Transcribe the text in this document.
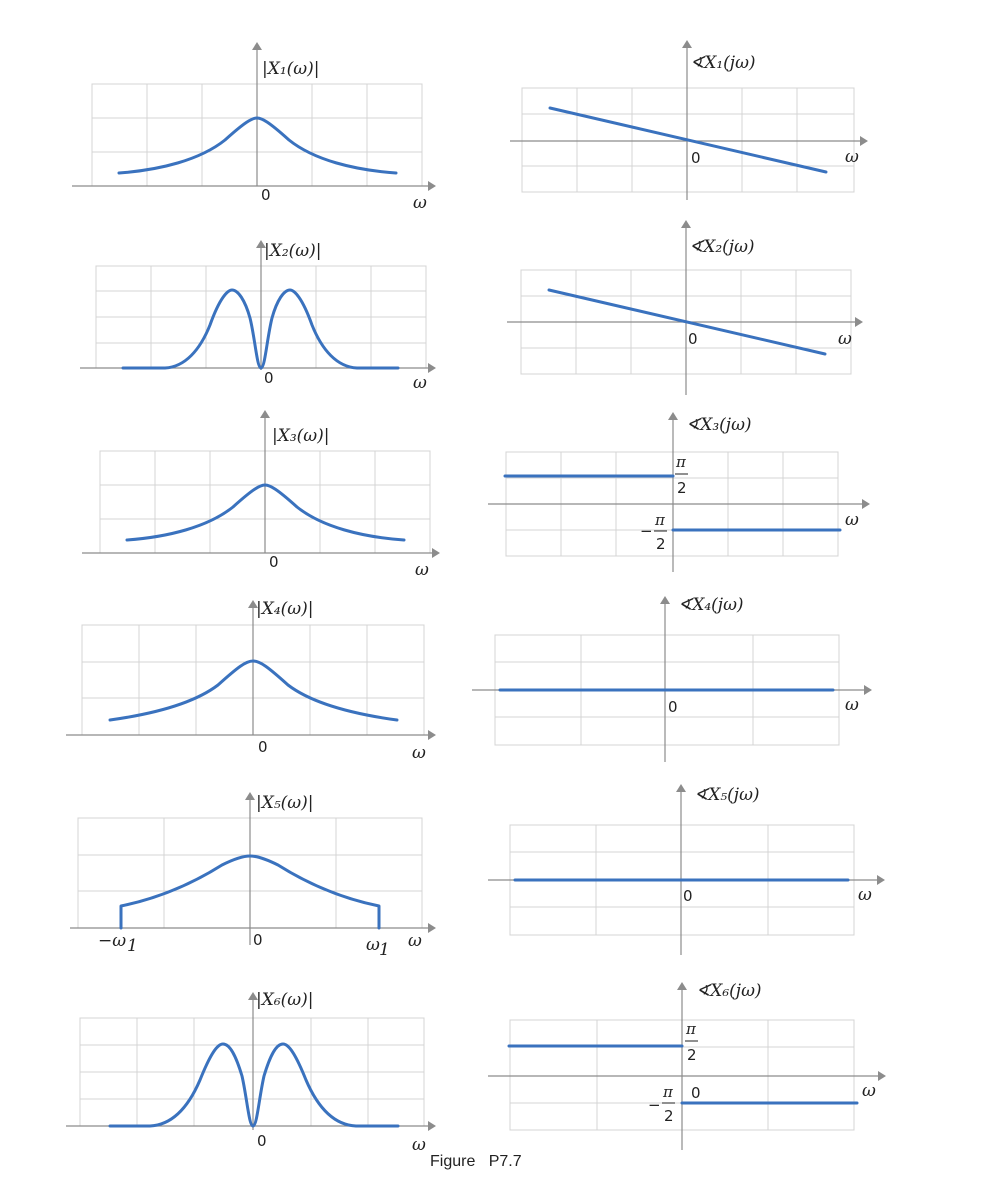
|X₁(ω)|
0	ω
∢X₁(jω)
0	ω
|X₂(ω)|
0	ω
∢X₂(jω)
0	ω
|X₃(ω)|
0	ω
∢X₃(jω)
π
2
−
π
2
ω
|X₄(ω)|
0	ω
∢X₄(jω)
0	ω
|X₅(ω)|
0
−ω 1	ω 1 ω
∢X₅(jω)
0	ω
|X₆(ω)|
0	ω
∢X₆(jω)
π
2
−
π
2
0	ω
Figure   P7.7
